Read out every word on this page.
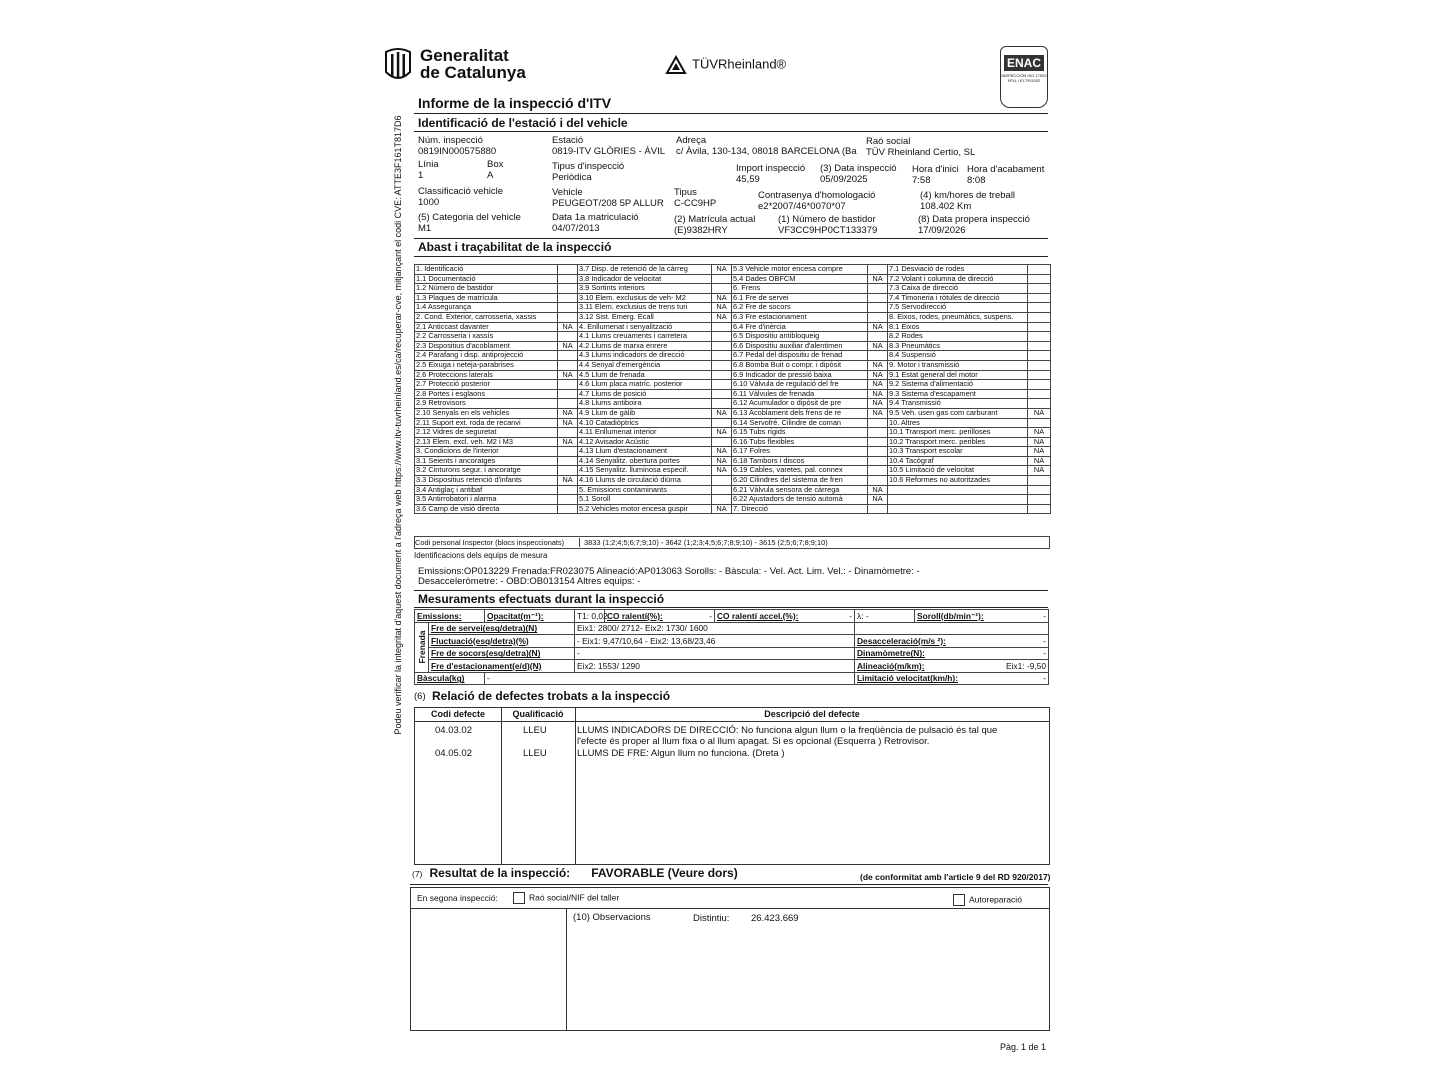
Podeu verificar la integritat d'aquest document a l'adreça web https://www.itv-tuvrheinland.es/ca/recuperar-cve, mitjançant el codi CVE: ATTE3F161T817D6
Generalitat
de Catalunya	TÜVRheinland®	ENAC
INSPECCIÓN ISO 17020 Nº14 / EI-TP/2002
Informe de la inspecció d'ITV
Identificació de l'estació i del vehicle
Núm. inspecció
0819IN000575880
Estació
0819-ITV GLÒRIES - ÀVIL
Adreça
c/ Àvila, 130-134, 08018 BARCELONA (Ba
Raó social
TÜV Rheinland Certio, SL
Línia
1
Box
A
Tipus d'inspecció
Periòdica
Import inspecció
45,59
(3) Data inspecció
05/09/2025
Hora d'inici
7:58
Hora d'acabament
8:08
Classificació vehicle
1000
Vehicle
PEUGEOT/208 5P ALLUR
Tipus
C-CC9HP
Contrasenya d'homologació
e2*2007/46*0070*07
(4) km/hores de treball
108.402 Km
(5) Categoria del vehicle
M1
Data 1a matriculació
04/07/2013
(2) Matrícula actual
(E)9382HRY
(1) Número de bastidor
VF3CC9HP0CT133379
(8) Data propera inspecció
17/09/2026
Abast i traçabilitat de la inspecció
1. Identificació		3.7 Disp. de retenció de la càrreg	NA	5.3 Vehicle motor encesa compre		7.1 Desviació de rodes	
1.1 Documentació		3.8 Indicador de velocitat		5.4 Dades OBFCM	NA	7.2 Volant i columna de direcció	
1.2 Número de bastidor		3.9 Sortints interiors		6. Frens		7.3 Caixa de direcció	
1.3 Plaques de matrícula		3.10 Elem. exclusius de veh- M2	NA	6.1 Fre de servei		7.4 Timoneria i ròtules de direcció	
1.4 Assegurança		3.11 Elem. exclusius de trens turi	NA	6.2 Fre de socors		7.5 Servodirecció	
2. Cond. Exterior, carrosseria, xassis		3.12 Sist. Emerg. Ecall	NA	6.3 Fre estacionament		8. Eixos, rodes, pneumàtics, suspens.	
2.1 Anticcast davanter	NA	4. Enllumenat i senyalització		6.4 Fre d'inèrcia	NA	8.1 Eixos	
2.2 Carrosseria i xassís		4.1 Llums creuaments i carretera		6.5 Dispositiu antibloqueig		8.2 Rodes	
2.3 Dispositius d'acoblament	NA	4.2 Llums de marxa enrere		6.6 Dispositiu auxiliar d'alentimen	NA	8.3 Pneumàtics	
2.4 Parafang i disp. antiprojecció		4.3 Llums indicadors de direcció		6.7 Pedal del dispositiu de frenad		8.4 Suspensió	
2.5 Eixuga i neteja-parabrises		4.4 Senyal d'emergència		6.8 Bomba Buit o compr. i dipòsit	NA	9. Motor i transmissió	
2.6 Proteccions laterals	NA	4.5 Llum de frenada		6.9 Indicador de pressió baixa	NA	9.1 Estat general del motor	
2.7 Protecció posterior		4.6 Llum placa matríc. posterior		6.10 Vàlvula de regulació del fre	NA	9.2 Sistema d'alimentació	
2.8 Portes i esglaons		4.7 Llums de posició		6.11 Vàlvules de frenada	NA	9.3 Sistema d'escapament	
2.9 Retrovisors		4.8 Llums antiboira		6.12 Acumulador o dipòsit de pre	NA	9.4 Transmissió	
2.10 Senyals en els vehicles	NA	4.9 Llum de gàlib	NA	6.13 Acoblament dels frens de re	NA	9.5 Veh. usen gas com carburant	NA
2.11 Suport ext. roda de recanvi	NA	4.10 Catadiòptrics		6.14 Servofré. Cilindre de coman		10. Altres	
2.12 Vidres de seguretat		4.11 Enllumenat interior	NA	6.15 Tubs rígids		10.1 Transport merc. perilloses	NA
2.13 Elem. excl. veh. M2 i M3	NA	4.12 Avisador Acústic		6.16 Tubs flexibles		10.2 Transport merc. peribles	NA
3. Condicions de l'interior		4.13 Llum d'estacionament	NA	6.17 Folres		10.3 Transport escolar	NA
3.1 Seients i ancoratges		4.14 Senyalitz. obertura portes	NA	6.18 Tambors i discos		10.4 Tacògraf	NA
3.2 Cinturons segur. i ancoratge		4.15 Senyalitz. lluminosa especif.	NA	6.19 Cables, varetes, pal. connex		10.5 Limitació de velocitat	NA
3.3 Dispositius retenció d'infants	NA	4.16 Llums de circulació diürna		6.20 Cilindres del sistema de fren		10.6 Reformes no autoritzades	
3.4 Antiglaç i antibaf		5. Emissions contaminants		6.21 Vàlvula sensora de càrrega	NA		
3.5 Antirrobatori i alarma		5.1 Soroll		6.22 Ajustadors de tensió automà	NA		
3.6 Camp de visió directa		5.2 Vehicles motor encesa guspir	NA	7. Direcció			
Codi personal Inspector (blocs inspeccionats)	3833 (1;2;4;5;6;7;9;10) - 3642 (1;2;3;4;5;6;7;8;9;10) - 3615 (2;5;6;7;8;9;10)
Identificacions dels equips de mesura
Emissions:OP013229 Frenada:FR023075 Alineació:AP013063 Sorolls: - Bàscula: - Vel. Act. Lim. Vel.: - Dinamòmetre: -
Desacceleròmetre: - OBD:OB013154 Altres equips: -
Mesuraments efectuats durant la inspecció
Emissions:		Opacitat(m⁻¹):	T1: 0,02	CO ralentí(%): -	CO ralentí accel.(%): -	λ: -	Soroll(db/min⁻¹): -

Frenada	Fre de servei(esq/detra)(N)		Eix1: 2800/ 2712- Eix2: 1730/ 1600				
	Fluctuació(esq/detra)(%)		- Eix1: 9,47/10,64 - Eix2: 13,68/23,46			Desacceleració(m/s ²): -	

	Fre de socors(esq/detra)(N)		-			Dinamòmetre(N): -	

	Fre d'estacionament(e/d)(N)		Eix2: 1553/ 1290			Alineació(m/km): Eix1: -9,50	

Bàscula(kg)		-				Limitació velocitat(km/h): -	
(6) Relació de defectes trobats a la inspecció
Codi defecte	Qualificació	Descripció del defecte
04.03.02	LLEU	LLUMS INDICADORS DE DIRECCIÓ: No funciona algun llum o la freqüència de pulsació és tal que
l'efecte és proper al llum fixa o al llum apagat. Si es opcional (Esquerra ) Retrovisor.
04.05.02	LLEU	LLUMS DE FRE: Algun llum no funciona. (Dreta )
(7) Resultat de la inspecció: FAVORABLE (Veure dors)	(de conformitat amb l'article 9 del RD 920/2017)
En segona inspecció:	Raó social/NIF del taller	Autoreparació
(10) Observacions	Distintiu: 26.423.669
Pàg. 1 de 1
